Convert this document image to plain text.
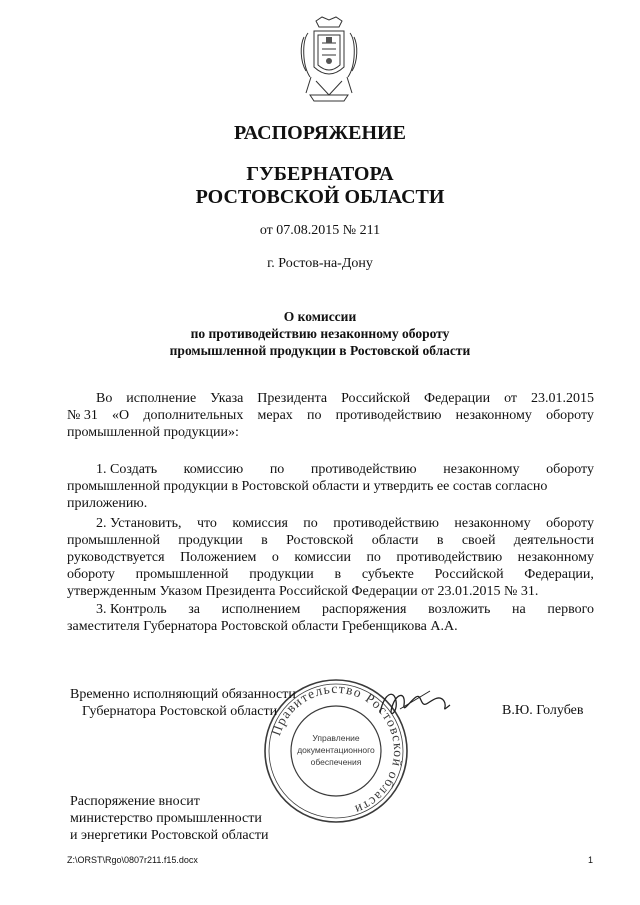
РАСПОРЯЖЕНИЕ
ГУБЕРНАТОРА
РОСТОВСКОЙ ОБЛАСТИ
от 07.08.2015 № 211
г. Ростов-на-Дону
О комиссии
по противодействию незаконному обороту
промышленной продукции в Ростовской области
Во исполнение Указа Президента Российской Федерации от 23.01.2015
№ 31 «О дополнительных мерах по противодействию незаконному обороту
промышленной продукции»:
1. Создать комиссию по противодействию незаконному обороту
промышленной продукции в Ростовской области и утвердить ее состав согласно
приложению.
2. Установить, что комиссия по противодействию незаконному обороту
промышленной продукции в Ростовской области в своей деятельности
руководствуется Положением о комиссии по противодействию незаконному
обороту промышленной продукции в субъекте Российской Федерации,
утвержденным Указом Президента Российской Федерации от 23.01.2015 № 31.
3. Контроль за исполнением распоряжения возложить на первого
заместителя Губернатора Ростовской области Гребенщикова А.А.
Правительство Ростовской области
Управление
документационного
обеспечения
Временно исполняющий обязанности
Губернатора Ростовской области	В.Ю. Голубев
Распоряжение вносит
министерство промышленности
и энергетики Ростовской области
Z:\ORST\Rgo\0807r211.f15.docx	1
